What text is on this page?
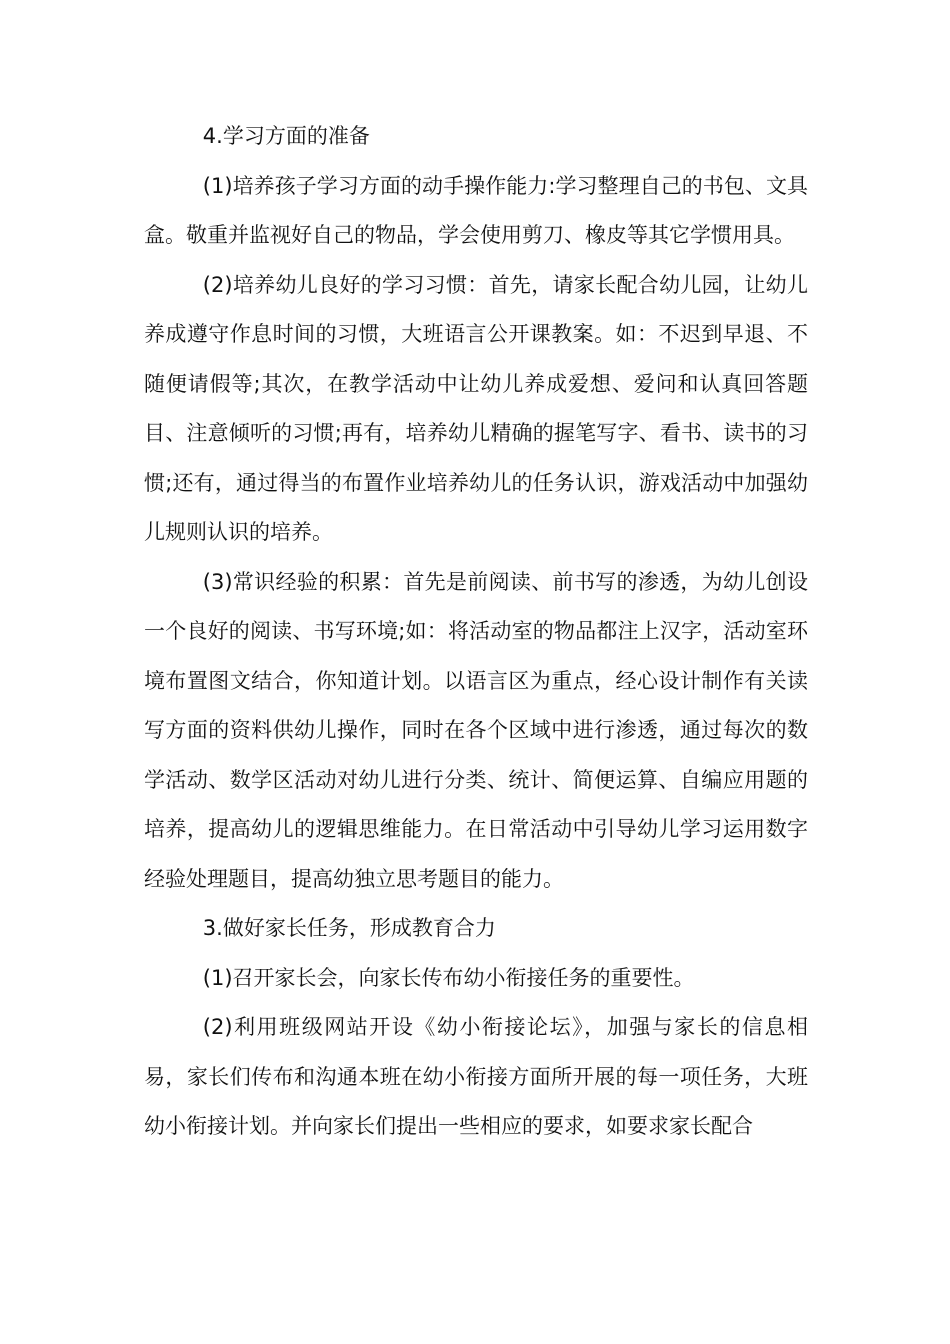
4.学习方面的准备

(1)培养孩子学习方面的动手操作能力:学习整理自己的书包、文具盒。敬重并监视好自己的物品，学会使用剪刀、橡皮等其它学惯用具。

(2)培养幼儿良好的学习习惯：首先，请家长配合幼儿园，让幼儿养成遵守作息时间的习惯，大班语言公开课教案。如：不迟到早退、不随便请假等;其次，在教学活动中让幼儿养成爱想、爱问和认真回答题目、注意倾听的习惯;再有，培养幼儿精确的握笔写字、看书、读书的习惯;还有，通过得当的布置作业培养幼儿的任务认识，游戏活动中加强幼儿规则认识的培养。

(3)常识经验的积累：首先是前阅读、前书写的渗透，为幼儿创设一个良好的阅读、书写环境;如：将活动室的物品都注上汉字，活动室环境布置图文结合，你知道计划。以语言区为重点，经心设计制作有关读写方面的资料供幼儿操作，同时在各个区域中进行渗透，通过每次的数学活动、数学区活动对幼儿进行分类、统计、简便运算、自编应用题的培养，提高幼儿的逻辑思维能力。在日常活动中引导幼儿学习运用数字经验处理题目，提高幼独立思考题目的能力。

3.做好家长任务，形成教育合力

(1)召开家长会，向家长传布幼小衔接任务的重要性。

(2)利用班级网站开设《幼小衔接论坛》，加强与家长的信息相易，家长们传布和沟通本班在幼小衔接方面所开展的每一项任务，大班幼小衔接计划。并向家长们提出一些相应的要求，如要求家长配合
